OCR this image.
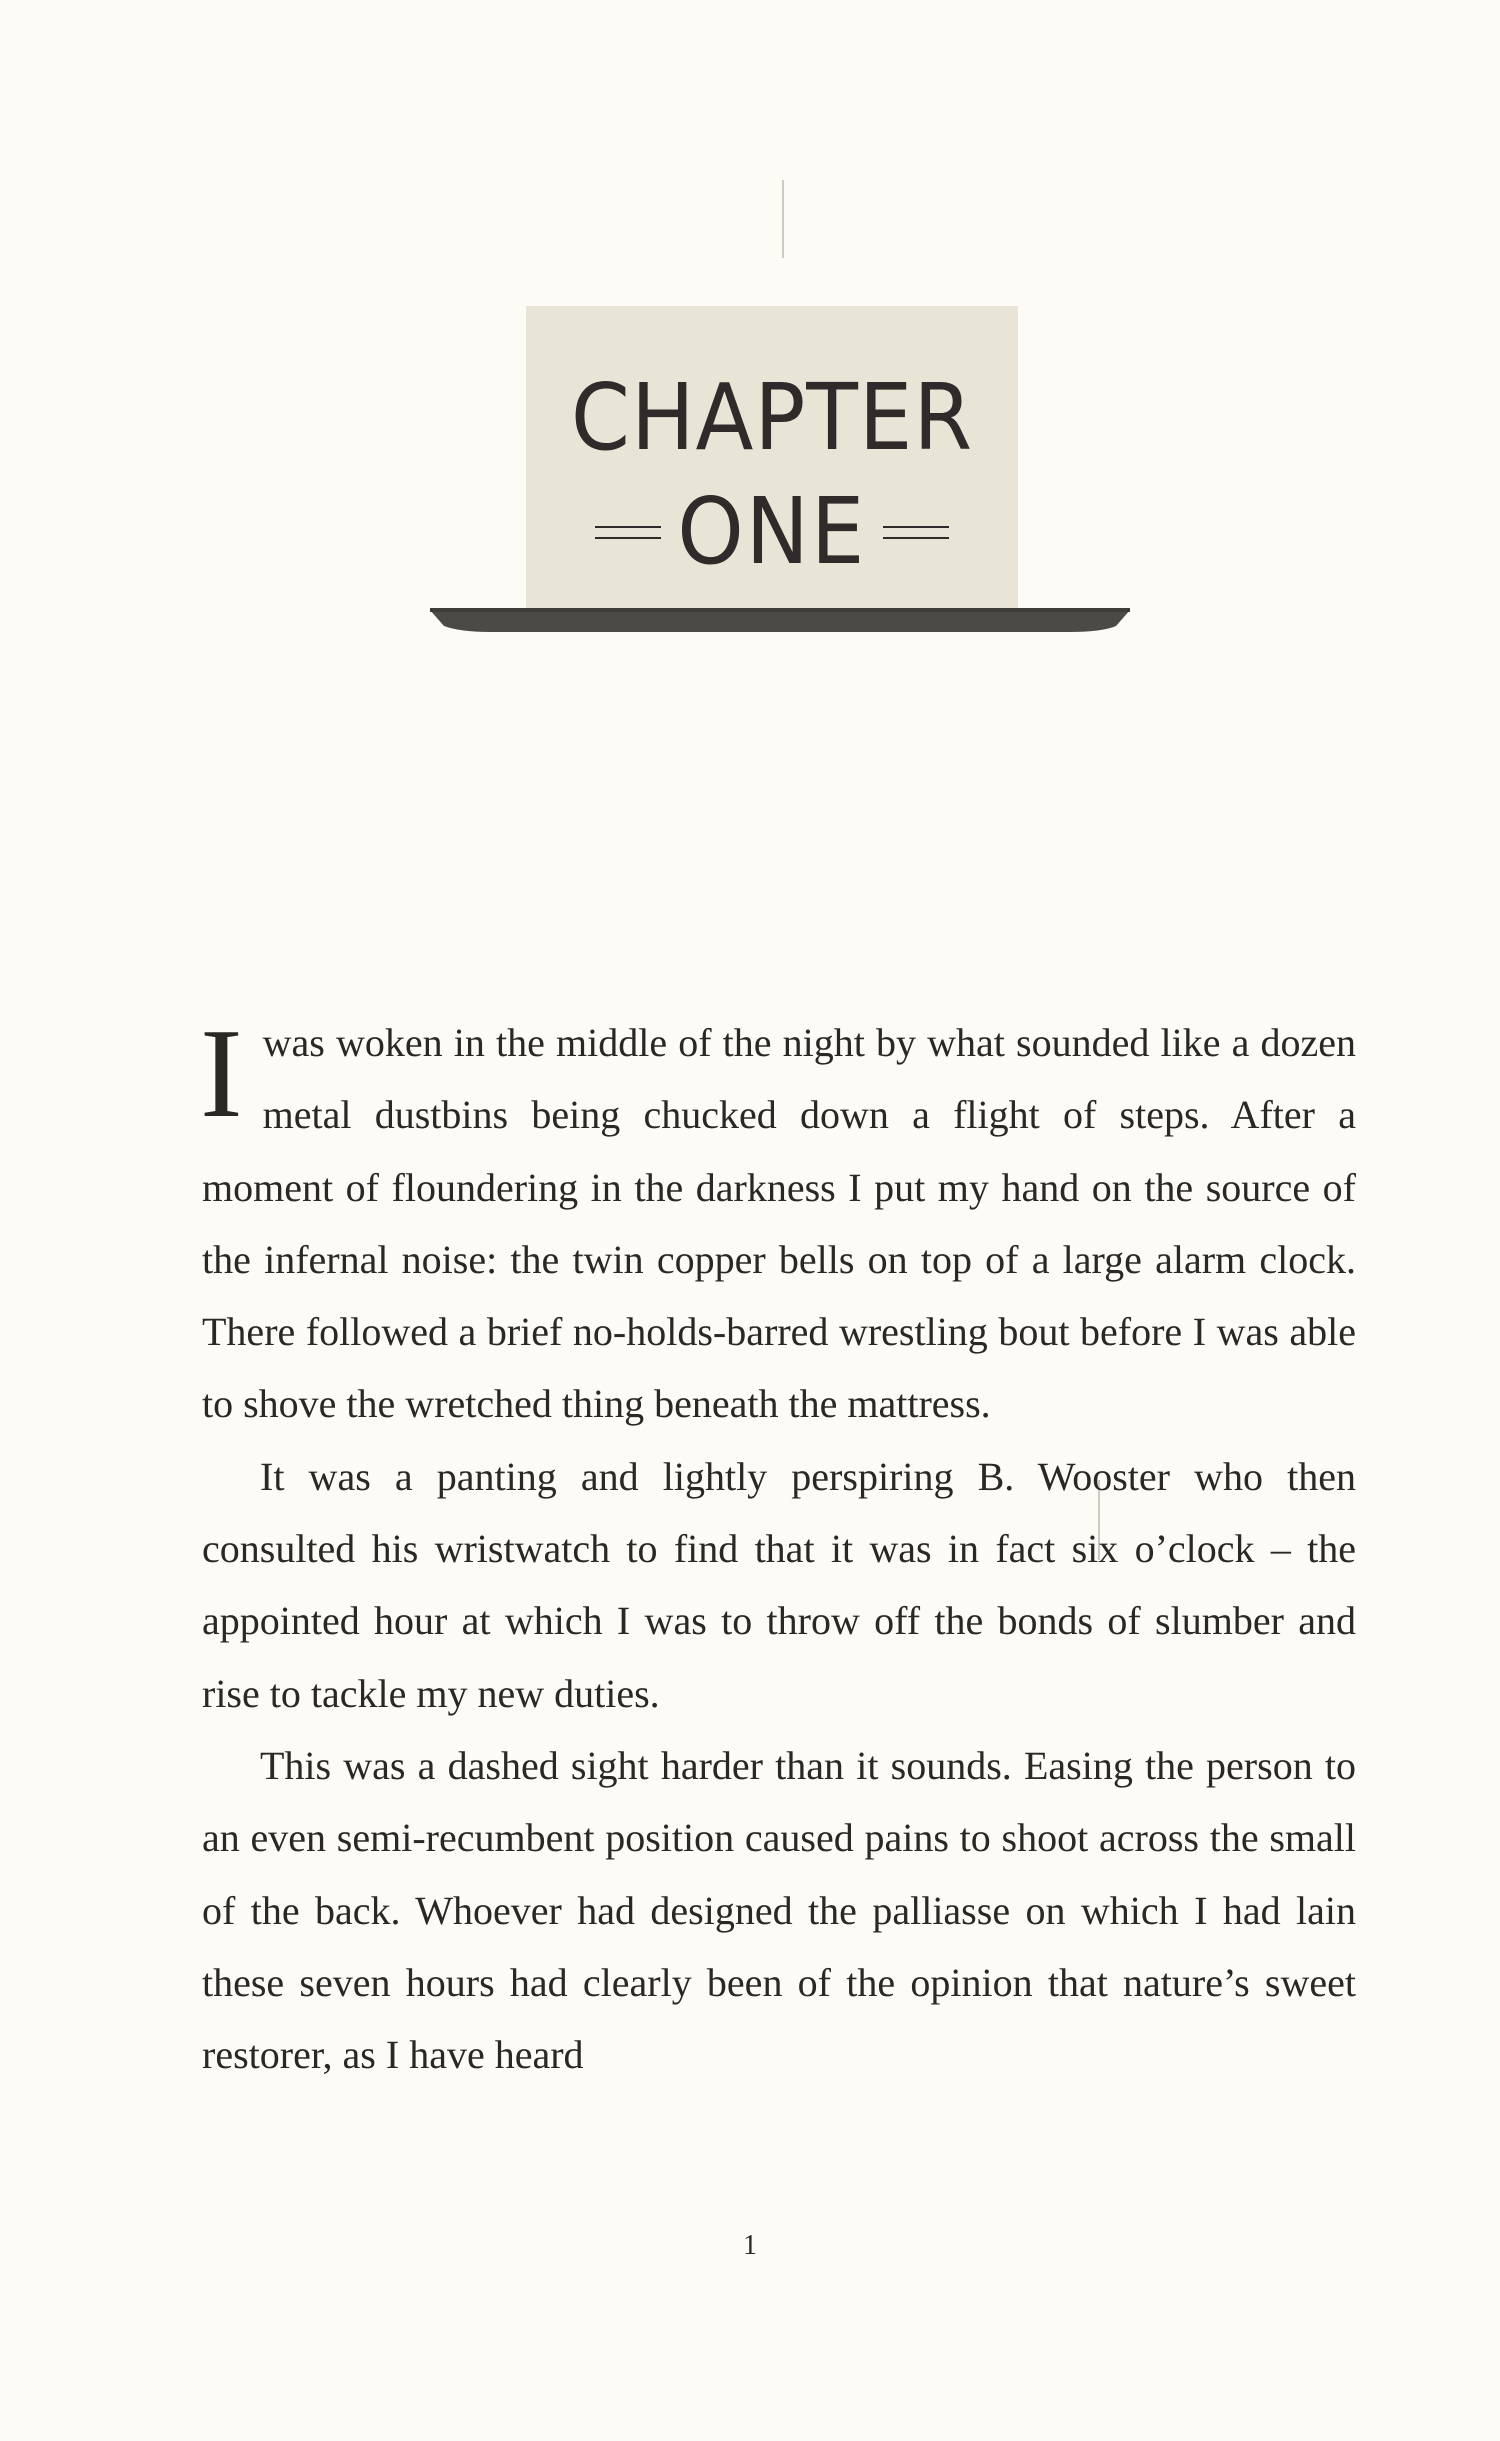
CHAPTER
ONE

Iwas woken in the middle of the night by what sounded like a dozen metal dustbins being chucked down a flight of steps. After a moment of floundering in the darkness I put my hand on the source of the infernal noise: the twin copper bells on top of a large alarm clock. There followed a brief no-holds-barred wrestling bout before I was able to shove the wretched thing beneath the mattress.

It was a panting and lightly perspiring B. Wooster who then consulted his wristwatch to find that it was in fact six o’clock – the appointed hour at which I was to throw off the bonds of slumber and rise to tackle my new duties.

This was a dashed sight harder than it sounds. Easing the person to an even semi-recumbent position caused pains to shoot across the small of the back. Whoever had designed the palliasse on which I had lain these seven hours had clearly been of the opinion that nature’s sweet restorer, as I have heard

1
